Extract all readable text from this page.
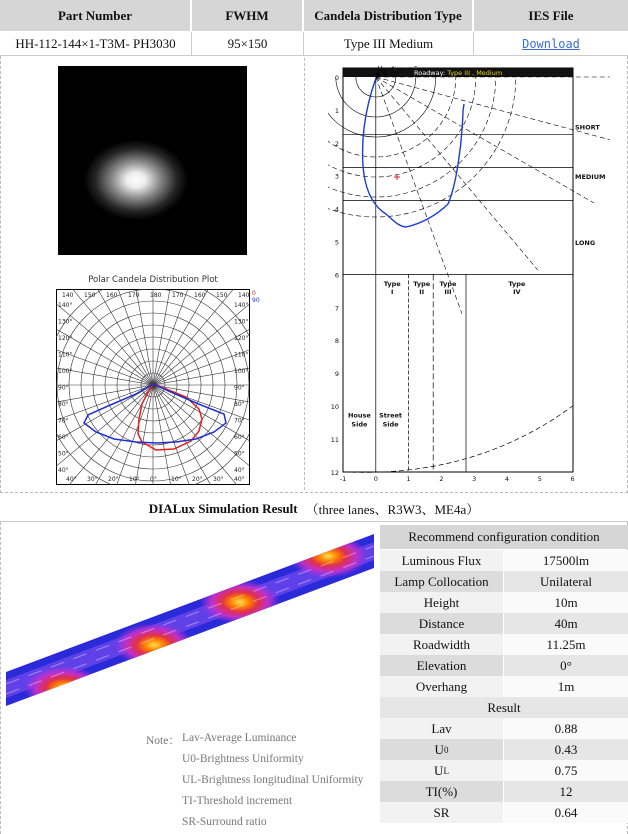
Part Number	FWHM	Candela Distribution Type	IES File
HH-112-144×1-T3M- PH3030	95×150	Type III Medium	Download
Polar Candela Distribution Plot
140 150 160 170 180 170 160 150 140
140°
130°
120°
110°
100°
90°
80°
70°
60°
50°
40°
140°
130°
120°
110°
100°
90°
80°
70°
60°
50°
40°
40° 30° 20° 10° 0° 10° 20° 30° 40°
0
90
Roadway: Type III , Medium
0
1
2
3
4
5
6
7
8
9
10
11
12
-1	0	1	2	3	4	5	6
SHORT
MEDIUM
LONG
Type
I
Type
II
Type
III
Type
IV
House
Side
Street
Side
DIALux Simulation Result （three lanes、R3W3、ME4a）
Recommend configuration condition
Luminous Flux	17500lm
Lamp Collocation	Unilateral
Height	10m
Distance	40m
Roadwidth	11.25m
Elevation	0°
Overhang	1m
Result
Lav	0.88
U 0	0.43
U L	0.75
TI(%)	12
SR	0.64
Note： Lav-Average Luminance
U0-Brightness Uniformity
UL-Brightness longitudinal Uniformity
TI-Threshold increment
SR-Surround ratio
